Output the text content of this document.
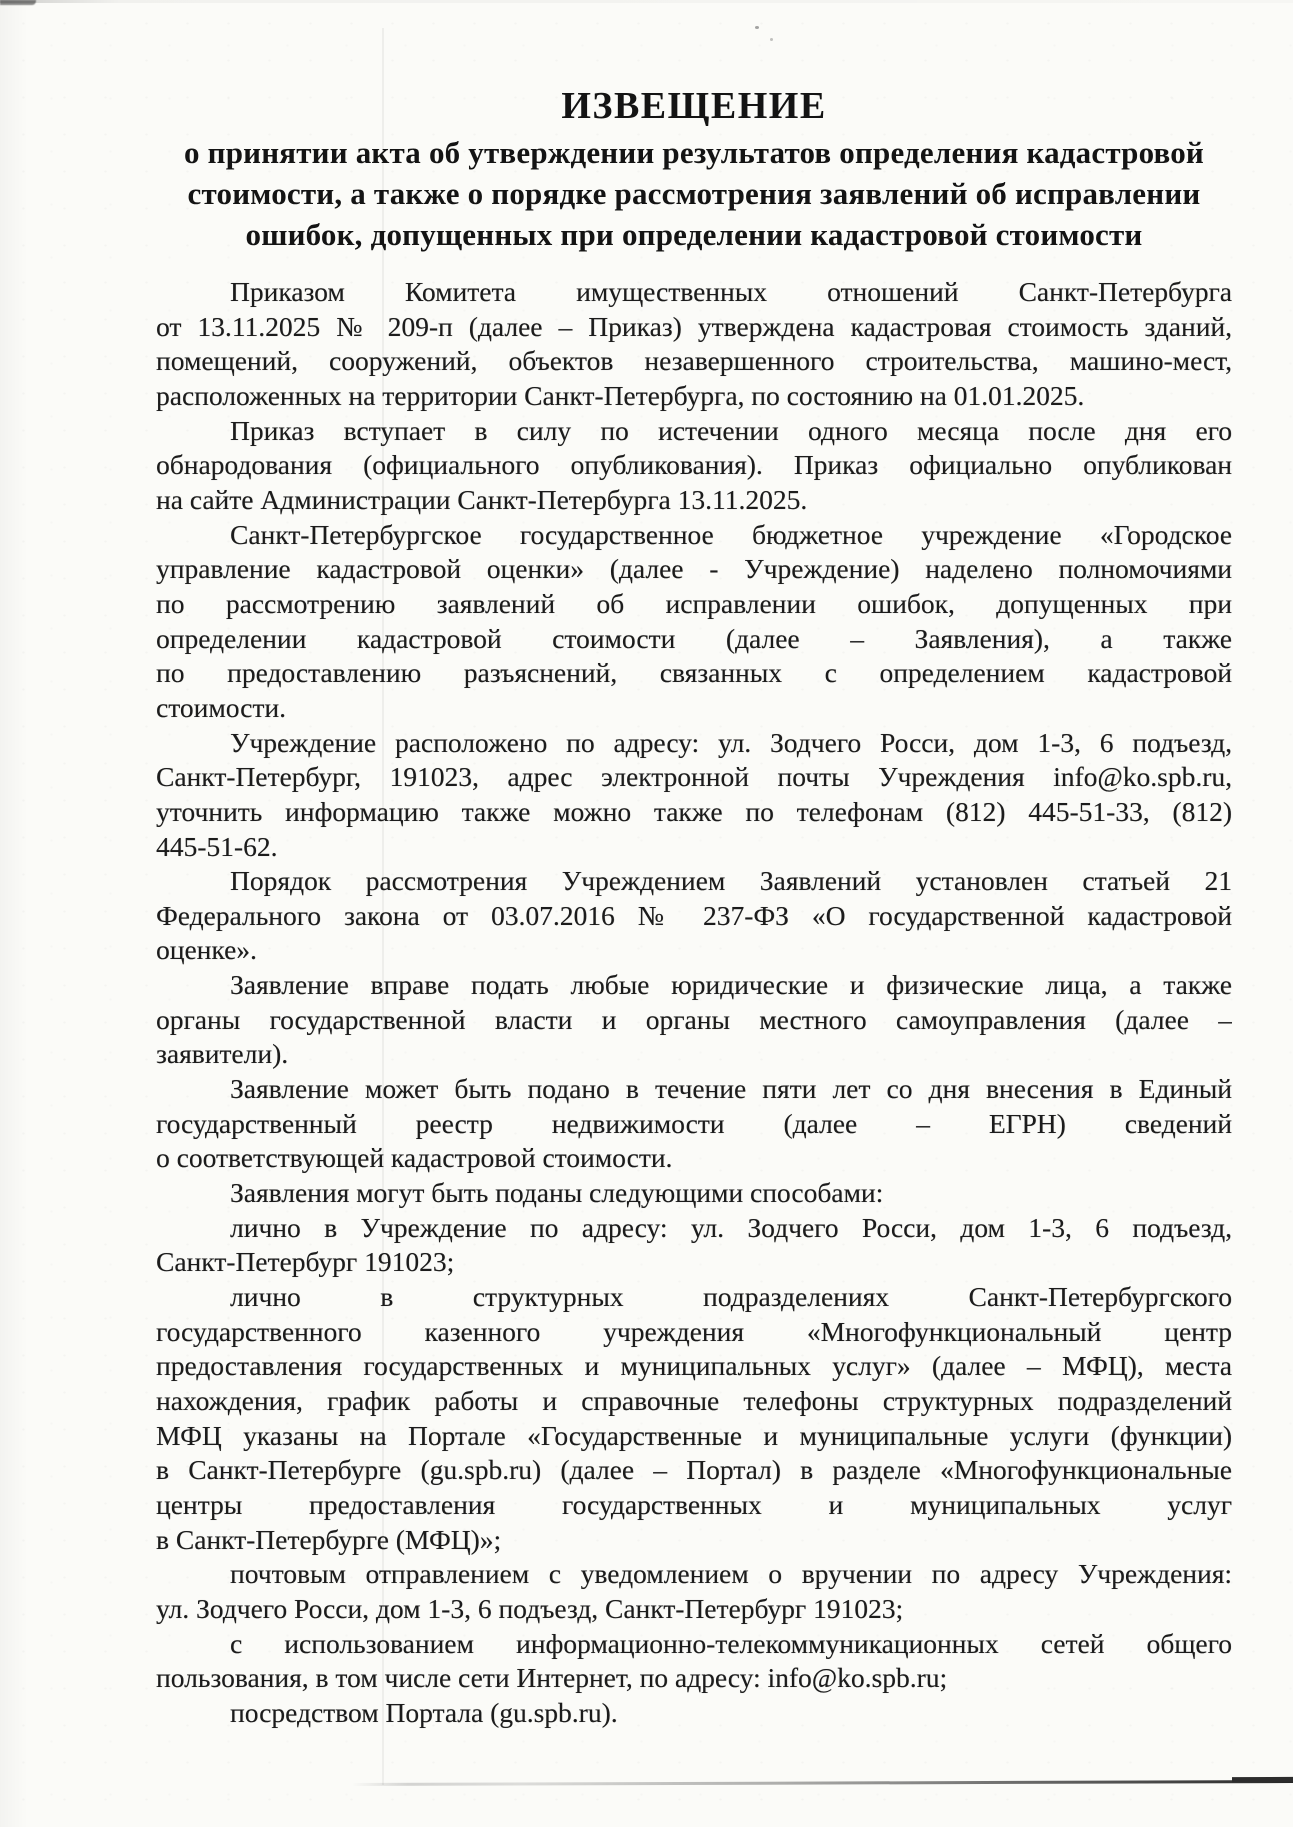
ИЗВЕЩЕНИЕ
о принятии акта об утверждении результатов определения кадастровой
стоимости, а также о порядке рассмотрения заявлений об исправлении
ошибок, допущенных при определении кадастровой стоимости
Приказом Комитета имущественных отношений Санкт-Петербурга
от 13.11.2025 № 209-п (далее – Приказ) утверждена кадастровая стоимость зданий,
помещений, сооружений, объектов незавершенного строительства, машино-мест,
расположенных на территории Санкт-Петербурга, по состоянию на 01.01.2025.
Приказ вступает в силу по истечении одного месяца после дня его
обнародования (официального опубликования). Приказ официально опубликован
на сайте Администрации Санкт-Петербурга 13.11.2025.
Санкт-Петербургское государственное бюджетное учреждение «Городское
управление кадастровой оценки» (далее - Учреждение) наделено полномочиями
по рассмотрению заявлений об исправлении ошибок, допущенных при
определении кадастровой стоимости (далее – Заявления), а также
по предоставлению разъяснений, связанных с определением кадастровой
стоимости.
Учреждение расположено по адресу: ул. Зодчего Росси, дом 1-3, 6 подъезд,
Санкт-Петербург, 191023, адрес электронной почты Учреждения info@ko.spb.ru,
уточнить информацию также можно также по телефонам (812) 445-51-33, (812)
445-51-62.
Порядок рассмотрения Учреждением Заявлений установлен статьей 21
Федерального закона от 03.07.2016 № 237-ФЗ «О государственной кадастровой
оценке».
Заявление вправе подать любые юридические и физические лица, а также
органы государственной власти и органы местного самоуправления (далее –
заявители).
Заявление может быть подано в течение пяти лет со дня внесения в Единый
государственный реестр недвижимости (далее – ЕГРН) сведений
о соответствующей кадастровой стоимости.
Заявления могут быть поданы следующими способами:
лично в Учреждение по адресу: ул. Зодчего Росси, дом 1-3, 6 подъезд,
Санкт-Петербург 191023;
лично в структурных подразделениях Санкт-Петербургского
государственного казенного учреждения «Многофункциональный центр
предоставления государственных и муниципальных услуг» (далее – МФЦ), места
нахождения, график работы и справочные телефоны структурных подразделений
МФЦ указаны на Портале «Государственные и муниципальные услуги (функции)
в Санкт-Петербурге (gu.spb.ru) (далее – Портал) в разделе «Многофункциональные
центры предоставления государственных и муниципальных услуг
в Санкт-Петербурге (МФЦ)»;
почтовым отправлением с уведомлением о вручении по адресу Учреждения:
ул. Зодчего Росси, дом 1-3, 6 подъезд, Санкт-Петербург 191023;
с использованием информационно-телекоммуникационных сетей общего
пользования, в том числе сети Интернет, по адресу: info@ko.spb.ru;
посредством Портала (gu.spb.ru).
